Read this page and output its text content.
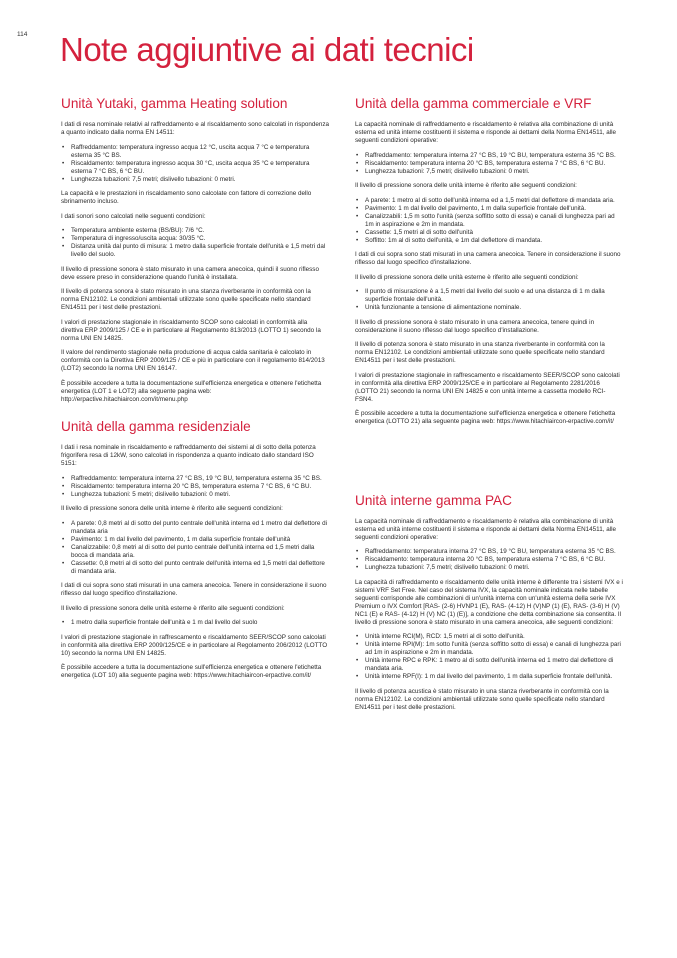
114 Note aggiuntive ai dati tecnici
Unità Yutaki, gamma Heating solution

I dati di resa nominale relativi al raffreddamento e al riscaldamento sono calcolati in rispondenza a quanto indicato dalla norma EN 14511:

• Raffreddamento: temperatura ingresso acqua 12 °C, uscita acqua 7 °C e temperatura esterna 35 °C BS.
• Riscaldamento: temperatura ingresso acqua 30 °C, uscita acqua 35 °C e temperatura esterna 7 °C BS, 6 °C BU.
• Lunghezza tubazioni: 7,5 metri; dislivello tubazioni: 0 metri.

La capacità e le prestazioni in riscaldamento sono calcolate con fattore di correzione dello sbrinamento incluso.

I dati sonori sono calcolati nelle seguenti condizioni:

• Temperatura ambiente esterna (BS/BU): 7/6 °C.
• Temperatura di ingresso/uscita acqua: 30/35 °C.
• Distanza unità dal punto di misura: 1 metro dalla superficie frontale dell'unità e 1,5 metri dal livello del suolo.

Il livello di pressione sonora è stato misurato in una camera anecoica, quindi il suono riflesso deve essere preso in considerazione quando l'unità è installata.

Il livello di potenza sonora è stato misurato in una stanza riverberante in conformità con la norma EN12102. Le condizioni ambientali utilizzate sono quelle specificate nello standard EN14511 per i test delle prestazioni.

I valori di prestazione stagionale in riscaldamento SCOP sono calcolati in conformità alla direttiva ERP 2009/125 / CE e in particolare al Regolamento 813/2013 (LOTTO 1) secondo la norma UNI EN 14825.

Il valore del rendimento stagionale nella produzione di acqua calda sanitaria è calcolato in conformità con la Direttiva ERP 2009/125 / CE e più in particolare con il regolamento 814/2013 (LOT2) secondo la norma UNI EN 16147.

È possibile accedere a tutta la documentazione sull'efficienza energetica e ottenere l'etichetta energetica (LOT 1 e LOT2) alla seguente pagina web: http://erpactive.hitachiaircon.com/it/menu.php

Unità della gamma residenziale

I dati i resa nominale in riscaldamento e raffreddamento dei sistemi al di sotto della potenza frigorifera resa di 12kW, sono calcolati in rispondenza a quanto indicato dallo standard ISO 5151:

• Raffreddamento: temperatura interna 27 °C BS, 19 °C BU, temperatura esterna 35 °C BS.
• Riscaldamento: temperatura interna 20 °C BS, temperatura esterna 7 °C BS, 6 °C BU.
• Lunghezza tubazioni: 5 metri; dislivello tubazioni: 0 metri.

Il livello di pressione sonora delle unità interne è riferito alle seguenti condizioni:

• A parete: 0,8 metri al di sotto del punto centrale dell'unità interna ed 1 metro dal deflettore di mandata aria
• Pavimento: 1 m dal livello del pavimento, 1 m dalla superficie frontale dell'unità
• Canalizzabile: 0,8 metri al di sotto del punto centrale dell'unità interna ed 1,5 metri dalla bocca di mandata aria.
• Cassette: 0,8 metri al di sotto del punto centrale dell'unità interna ed 1,5 metri dal deflettore di mandata aria.

I dati di cui sopra sono stati misurati in una camera anecoica. Tenere in considerazione il suono riflesso dal luogo specifico d'installazione.

Il livello di pressione sonora delle unità esterne è riferito alle seguenti condizioni:

• 1 metro dalla superficie frontale dell'unità e 1 m dal livello del suolo

I valori di prestazione stagionale in raffrescamento e riscaldamento SEER/SCOP sono calcolati in conformità alla direttiva ERP 2009/125/CE e in particolare al Regolamento 206/2012 (LOTTO 10) secondo la norma UNI EN 14825.

È possibile accedere a tutta la documentazione sull'efficienza energetica e ottenere l'etichetta energetica (LOT 10) alla seguente pagina web: https://www.hitachiaircon-erpactive.com/it/

Unità della gamma commerciale e VRF

La capacità nominale di raffreddamento e riscaldamento è relativa alla combinazione di unità esterna ed unità interne costituenti il sistema e risponde ai dettami della Norma EN14511, alle seguenti condizioni operative:

• Raffreddamento: temperatura interna 27 °C BS, 19 °C BU, temperatura esterna 35 °C BS.
• Riscaldamento: temperatura interna 20 °C BS, temperatura esterna 7 °C BS, 6 °C BU.
• Lunghezza tubazioni: 7,5 metri; dislivello tubazioni: 0 metri.

Il livello di pressione sonora delle unità interne è riferito alle seguenti condizioni:

• A parete: 1 metro al di sotto dell'unità interna ed a 1,5 metri dal deflettore di mandata aria.
• Pavimento: 1 m dal livello del pavimento, 1 m dalla superficie frontale dell'unità.
• Canalizzabili: 1,5 m sotto l'unità (senza soffitto sotto di essa) e canali di lunghezza pari ad 1m in aspirazione e 2m in mandata.
• Cassette: 1,5 metri al di sotto dell'unità
• Soffitto: 1m al di sotto dell'unità, e 1m dal deflettore di mandata.

I dati di cui sopra sono stati misurati in una camera anecoica. Tenere in considerazione il suono riflesso dal luogo specifico d'installazione.

Il livello di pressione sonora delle unità esterne è riferito alle seguenti condizioni:

• Il punto di misurazione è a 1,5 metri dal livello del suolo e ad una distanza di 1 m dalla superficie frontale dell'unità.
• Unità funzionante a tensione di alimentazione nominale.

Il livello di pressione sonora è stato misurato in una camera anecoica, tenere quindi in considerazione il suono riflesso dal luogo specifico d'installazione.

Il livello di potenza sonora è stato misurato in una stanza riverberante in conformità con la norma EN12102. Le condizioni ambientali utilizzate sono quelle specificate nello standard EN14511 per i test delle prestazioni.

I valori di prestazione stagionale in raffrescamento e riscaldamento SEER/SCOP sono calcolati in conformità alla direttiva ERP 2009/125/CE e in particolare al Regolamento 2281/2016 (LOTTO 21) secondo la norma UNI EN 14825 e con unità interne a cassetta modello RCI-FSN4.

È possibile accedere a tutta la documentazione sull'efficienza energetica e ottenere l'etichetta energetica (LOTTO 21) alla seguente pagina web: https://www.hitachiaircon-erpactive.com/it/

Unità interne gamma PAC

La capacità nominale di raffreddamento e riscaldamento è relativa alla combinazione di unità esterna ed unità interne costituenti il sistema e risponde ai dettami della Norma EN14511, alle seguenti condizioni operative:

• Raffreddamento: temperatura interna 27 °C BS, 19 °C BU, temperatura esterna 35 °C BS.
• Riscaldamento: temperatura interna 20 °C BS, temperatura esterna 7 °C BS, 6 °C BU.
• Lunghezza tubazioni: 7,5 metri; dislivello tubazioni: 0 metri.

La capacità di raffreddamento e riscaldamento delle unità interne è differente tra i sistemi IVX e i sistemi VRF Set Free. Nel caso del sistema IVX, la capacità nominale indicata nelle tabelle seguenti corrisponde alle combinazioni di un'unità interna con un'unità esterna della serie IVX Premium o IVX Comfort [RAS- (2-6) HVNP1 (E), RAS- (4-12) H (V)NP (1) (E), RAS- (3-6) H (V) NC1 (E) e RAS- (4-12) H (V) NC (1) (E)], a condizione che detta combinazione sia consentita. Il livello di pressione sonora è stato misurato in una camera anecoica, alle seguenti condizioni:

• Unità interne RCI(M), RCD: 1,5 metri al di sotto dell'unità.
• Unità interne RPI(M): 1m sotto l'unità (senza soffitto sotto di essa) e canali di lunghezza pari ad 1m in aspirazione e 2m in mandata.
• Unità interne RPC e RPK: 1 metro al di sotto dell'unità interna ed 1 metro dal deflettore di mandata aria.
• Unità interne RPF(I): 1 m dal livello del pavimento, 1 m dalla superficie frontale dell'unità.

Il livello di potenza acustica è stato misurato in una stanza riverberante in conformità con la norma EN12102. Le condizioni ambientali utilizzate sono quelle specificate nello standard EN14511 per i test delle prestazioni.
